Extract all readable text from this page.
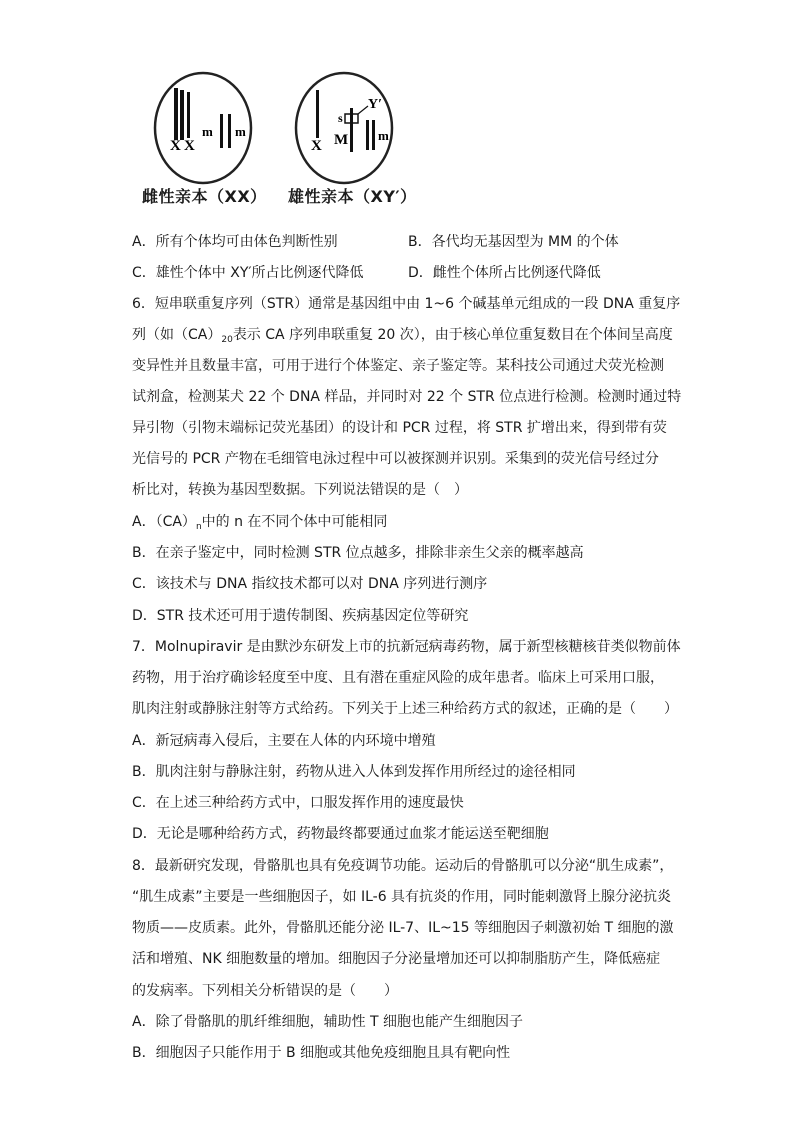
X X
m m
X
s
Y′
M m
雌性亲本（XX） 雄性亲本（XY′）
A．所有个体均可由体色判断性别	B．各代均无基因型为 MM 的个体
C．雄性个体中 XY′所占比例逐代降低	D．雌性个体所占比例逐代降低
6．短串联重复序列（STR）通常是基因组中由 1~6 个碱基单元组成的一段 DNA 重复序
列（如$(CA)_{20}$表示 CA 序列串联重复 20 次），由于核心单位重复数目在个体间呈高度
变异性并且数量丰富，可用于进行个体鉴定、亲子鉴定等。某科技公司通过犬荧光检测
试剂盒，检测某犬 22 个 DNA 样品，并同时对 22 个 STR 位点进行检测。检测时通过特
异引物（引物末端标记荧光基团）的设计和 PCR 过程，将 STR 扩增出来，得到带有荧
光信号的 PCR 产物在毛细管电泳过程中可以被探测并识别。采集到的荧光信号经过分
析比对，转换为基因型数据。下列说法错误的是（　）
A．$(CA)_n$中的 n 在不同个体中可能相同
B．在亲子鉴定中，同时检测 STR 位点越多，排除非亲生父亲的概率越高
C．该技术与 DNA 指纹技术都可以对 DNA 序列进行测序
D．STR 技术还可用于遗传制图、疾病基因定位等研究
7．Molnupiravir 是由默沙东研发上市的抗新冠病毒药物，属于新型核糖核苷类似物前体
药物，用于治疗确诊轻度至中度、且有潜在重症风险的成年患者。临床上可采用口服，
肌肉注射或静脉注射等方式给药。下列关于上述三种给药方式的叙述，正确的是（　　）
A．新冠病毒入侵后，主要在人体的内环境中增殖
B．肌肉注射与静脉注射，药物从进入人体到发挥作用所经过的途径相同
C．在上述三种给药方式中，口服发挥作用的速度最快
D．无论是哪种给药方式，药物最终都要通过血浆才能运送至靶细胞
8．最新研究发现，骨骼肌也具有免疫调节功能。运动后的骨骼肌可以分泌“肌生成素”，
“肌生成素”主要是一些细胞因子，如 IL-6 具有抗炎的作用，同时能刺激肾上腺分泌抗炎
物质——皮质素。此外，骨骼肌还能分泌 IL-7、IL~15 等细胞因子刺激初始 T 细胞的激
活和增殖、NK 细胞数量的增加。细胞因子分泌量增加还可以抑制脂肪产生，降低癌症
的发病率。下列相关分析错误的是（　　）
A．除了骨骼肌的肌纤维细胞，辅助性 T 细胞也能产生细胞因子
B．细胞因子只能作用于 B 细胞或其他免疫细胞且具有靶向性
